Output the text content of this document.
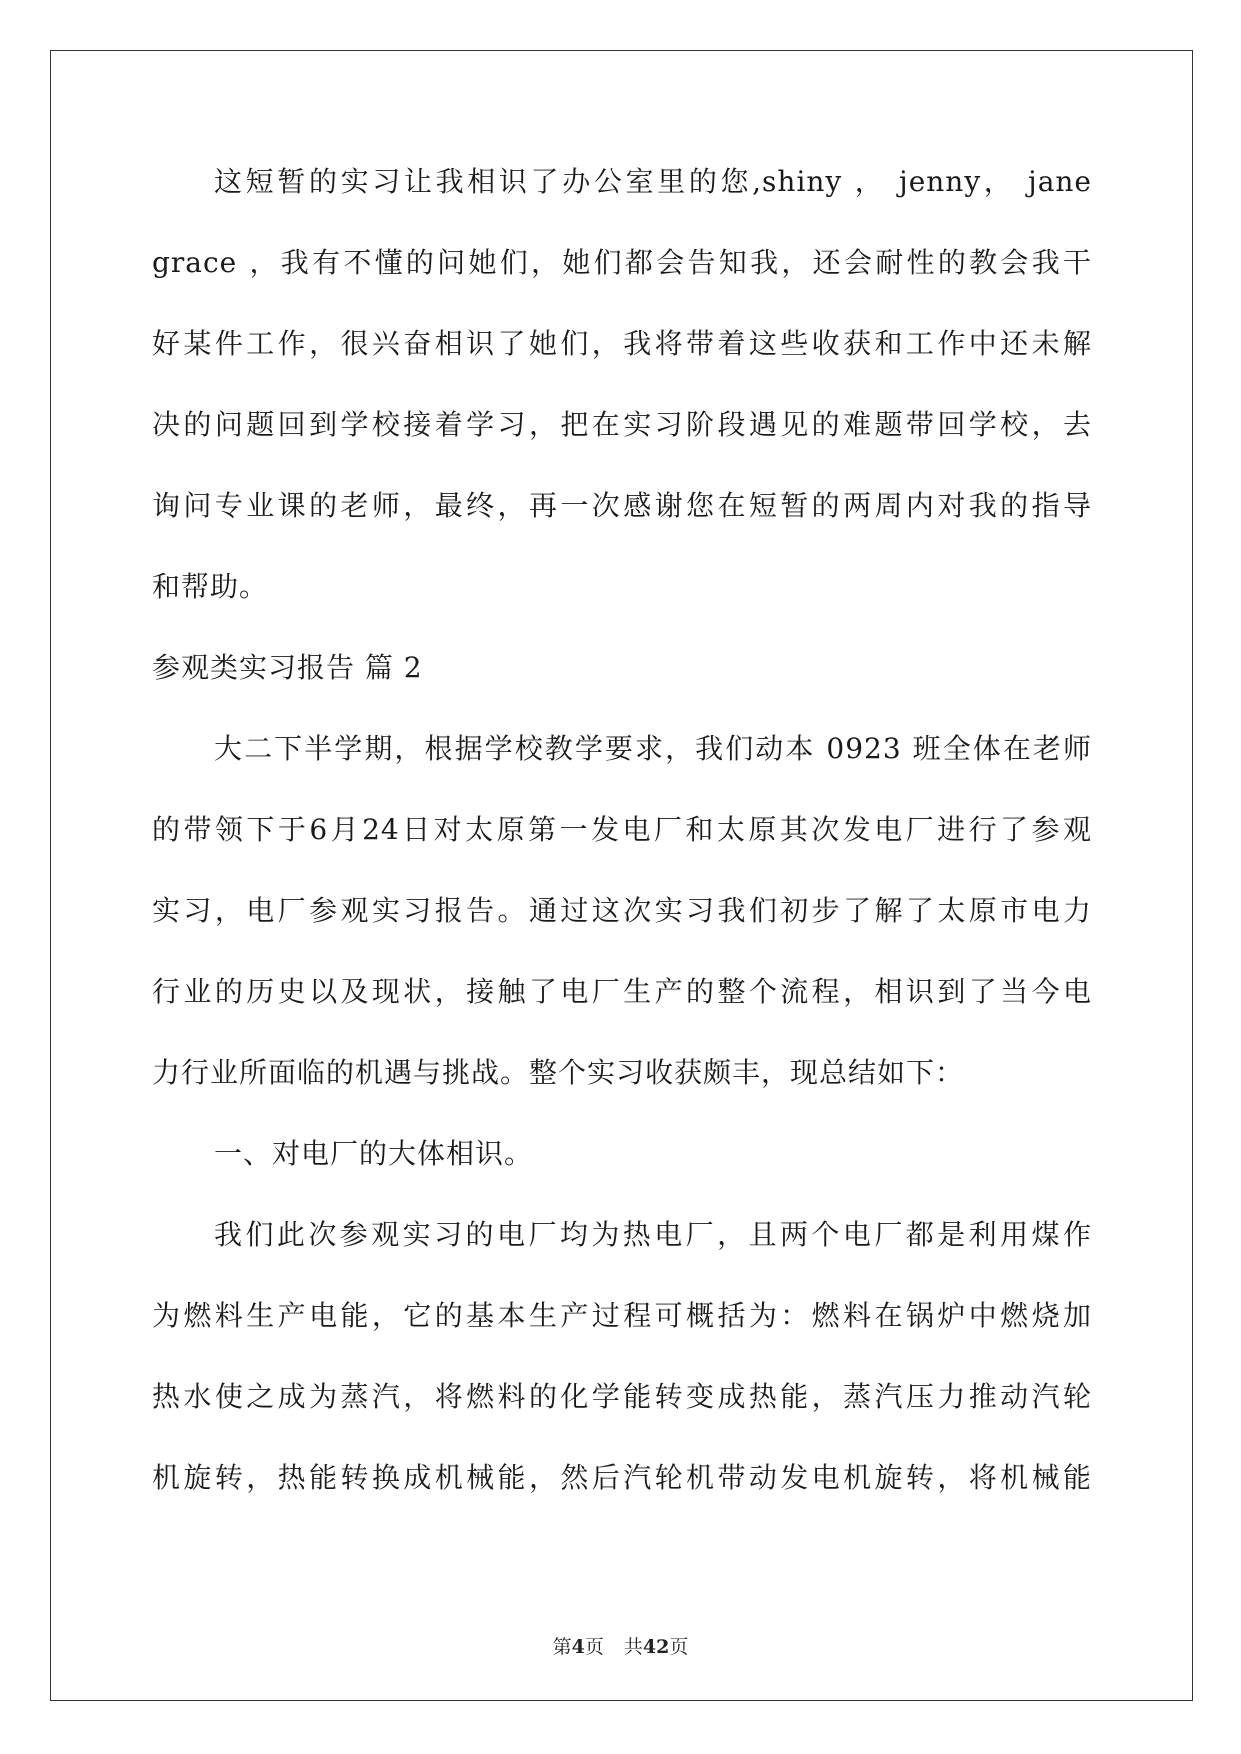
这短暂的实习让我相识了办公室里的您,shiny ， jenny， jane
grace ，我有不懂的问她们，她们都会告知我，还会耐性的教会我干
好某件工作，很兴奋相识了她们，我将带着这些收获和工作中还未解
决的问题回到学校接着学习，把在实习阶段遇见的难题带回学校，去
询问专业课的老师，最终，再一次感谢您在短暂的两周内对我的指导
和帮助。
参观类实习报告 篇 2
大二下半学期，根据学校教学要求，我们动本 0923 班全体在老师
的带领下于6月24日对太原第一发电厂和太原其次发电厂进行了参观
实习，电厂参观实习报告。通过这次实习我们初步了解了太原市电力
行业的历史以及现状，接触了电厂生产的整个流程，相识到了当今电
力行业所面临的机遇与挑战。整个实习收获颇丰，现总结如下：
一、对电厂的大体相识。
我们此次参观实习的电厂均为热电厂，且两个电厂都是利用煤作
为燃料生产电能，它的基本生产过程可概括为：燃料在锅炉中燃烧加
热水使之成为蒸汽，将燃料的化学能转变成热能，蒸汽压力推动汽轮
机旋转，热能转换成机械能，然后汽轮机带动发电机旋转，将机械能
第4页 共42页
